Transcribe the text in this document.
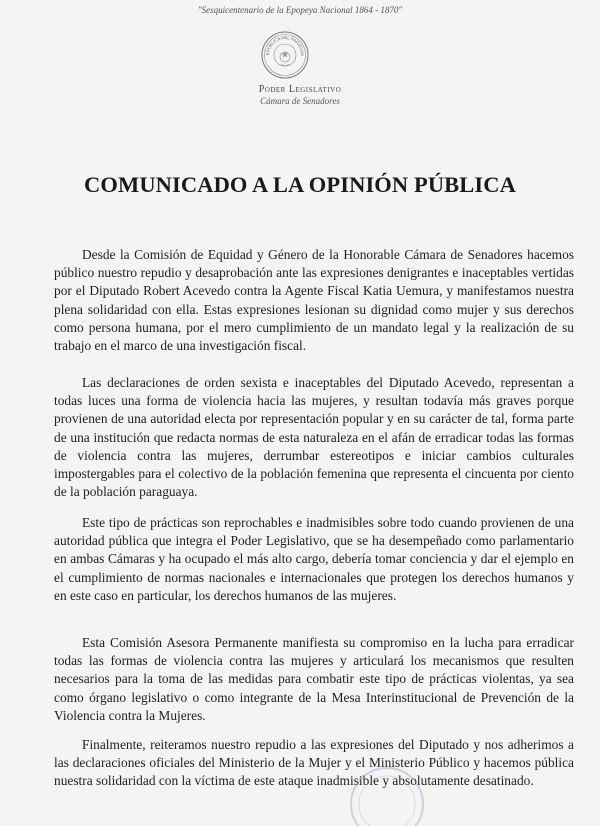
"Sesquicentenario de la Epopeya Nacional 1864 - 1870"
EPÚBLICA DEL PARAGUA
Poder Legislativo
Cámara de Senadores
COMUNICADO A LA OPINIÓN PÚBLICA

Desde la Comisión de Equidad y Género de la Honorable Cámara de Senadores hacemos público nuestro repudio y desaprobación ante las expresiones denigrantes e inaceptables vertidas por el Diputado Robert Acevedo contra la Agente Fiscal Katia Uemura, y manifestamos nuestra plena solidaridad con ella. Estas expresiones lesionan su dignidad como mujer y sus derechos como persona humana, por el mero cumplimiento de un mandato legal y la realización de su trabajo en el marco de una investigación fiscal.

Las declaraciones de orden sexista e inaceptables del Diputado Acevedo, representan a todas luces una forma de violencia hacia las mujeres, y resultan todavía más graves porque provienen de una autoridad electa por representación popular y en su carácter de tal, forma parte de una institución que redacta normas de esta naturaleza en el afán de erradicar todas las formas de violencia contra las mujeres, derrumbar estereotipos e iniciar cambios culturales impostergables para el colectivo de la población femenina que representa el cincuenta por ciento de la población paraguaya.

Este tipo de prácticas son reprochables e inadmisibles sobre todo cuando provienen de una autoridad pública que integra el Poder Legislativo, que se ha desempeñado como parlamentario en ambas Cámaras y ha ocupado el más alto cargo, debería tomar conciencia y dar el ejemplo en el cumplimiento de normas nacionales e internacionales que protegen los derechos humanos y en este caso en particular, los derechos humanos de las mujeres.

Esta Comisión Asesora Permanente manifiesta su compromiso en la lucha para erradicar todas las formas de violencia contra las mujeres y articulará los mecanismos que resulten necesarios para la toma de las medidas para combatir este tipo de prácticas violentas, ya sea como órgano legislativo o como integrante de la Mesa Interinstitucional de Prevención de la Violencia contra la Mujeres.

Finalmente, reiteramos nuestro repudio a las expresiones del Diputado y nos adherimos a las declaraciones oficiales del Ministerio de la Mujer y el Ministerio Público y hacemos pública nuestra solidaridad con la víctima de este ataque inadmisible y absolutamente desatinado.
